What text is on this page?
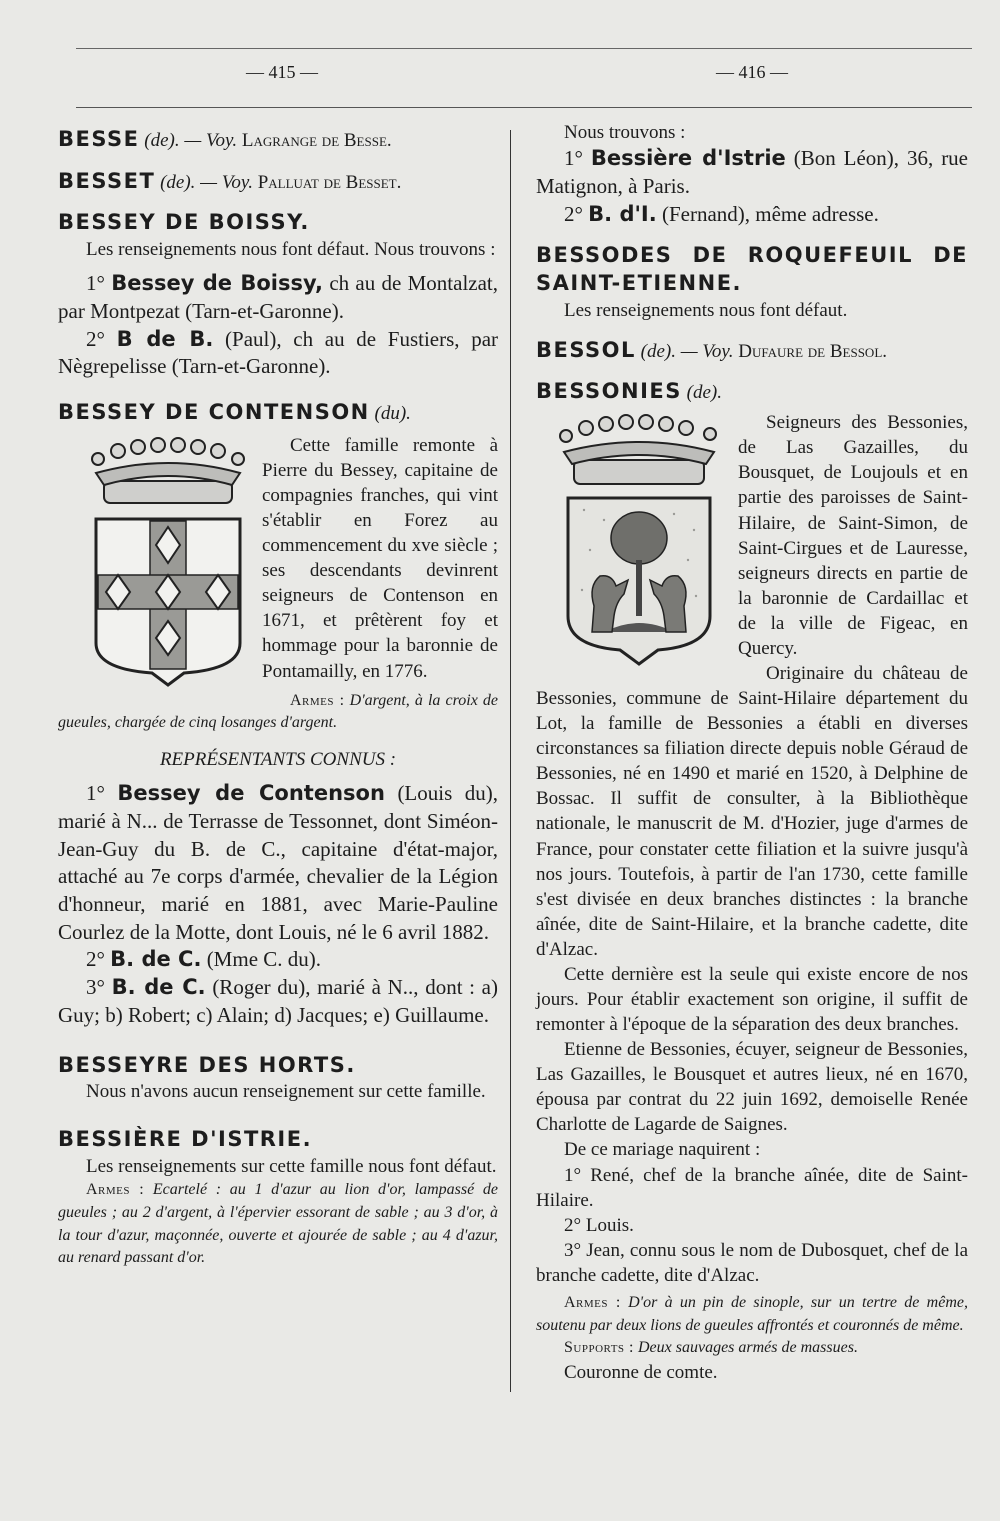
— 415 —	— 416 —

BESSE (de). — Voy. Lagrange de Besse.

BESSET (de). — Voy. Palluat de Besset.

BESSEY DE BOISSY.

Les renseignements nous font défaut. Nous trouvons :

1° Bessey de Boissy, ch au de Montalzat, par Montpezat (Tarn-et-Garonne).

2° B de B. (Paul), ch au de Fustiers, par Nègrepelisse (Tarn-et-Garonne).

BESSEY DE CONTENSON (du).

Cette famille remonte à Pierre du Bessey, capitaine de compagnies franches, qui vint s'établir en Forez au commencement du xve siècle ; ses descendants devinrent seigneurs de Contenson en 1671, et prêtèrent foy et hommage pour la baronnie de Pontamailly, en 1776.

Armes : D'argent, à la croix de gueules, chargée de cinq losanges d'argent.

REPRÉSENTANTS CONNUS :

1° Bessey de Contenson (Louis du), marié à N... de Terrasse de Tessonnet, dont Siméon-Jean-Guy du B. de C., capitaine d'état-major, attaché au 7e corps d'armée, chevalier de la Légion d'honneur, marié en 1881, avec Marie-Pauline Courlez de la Motte, dont Louis, né le 6 avril 1882.

2° B. de C. (Mme C. du).

3° B. de C. (Roger du), marié à N.., dont : a) Guy; b) Robert; c) Alain; d) Jacques; e) Guillaume.

BESSEYRE DES HORTS.

Nous n'avons aucun renseignement sur cette famille.

BESSIÈRE D'ISTRIE.

Les renseignements sur cette famille nous font défaut.

Armes : Ecartelé : au 1 d'azur au lion d'or, lampassé de gueules ; au 2 d'argent, à l'épervier essorant de sable ; au 3 d'or, à la tour d'azur, maçonnée, ouverte et ajourée de sable ; au 4 d'azur, au renard passant d'or.

Nous trouvons :

1° Bessière d'Istrie (Bon Léon), 36, rue Matignon, à Paris.

2° B. d'I. (Fernand), même adresse.

BESSODES DE ROQUEFEUIL DE SAINT-ETIENNE.

Les renseignements nous font défaut.

BESSOL (de). — Voy. Dufaure de Bessol.

BESSONIES (de).

Seigneurs des Bessonies, de Las Gazailles, du Bousquet, de Loujouls et en partie des paroisses de Saint-Hilaire, de Saint-Simon, de Saint-Cirgues et de Lauresse, seigneurs directs en partie de la baronnie de Cardaillac et de la ville de Figeac, en Quercy.

Originaire du château de Bessonies, commune de Saint-Hilaire département du Lot, la famille de Bessonies a établi en diverses circonstances sa filiation directe depuis noble Géraud de Bessonies, né en 1490 et marié en 1520, à Delphine de Bossac. Il suffit de consulter, à la Bibliothèque nationale, le manuscrit de M. d'Hozier, juge d'armes de France, pour constater cette filiation et la suivre jusqu'à nos jours. Toutefois, à partir de l'an 1730, cette famille s'est divisée en deux branches distinctes : la branche aînée, dite de Saint-Hilaire, et la branche cadette, dite d'Alzac.

Cette dernière est la seule qui existe encore de nos jours. Pour établir exactement son origine, il suffit de remonter à l'époque de la séparation des deux branches.

Etienne de Bessonies, écuyer, seigneur de Bessonies, Las Gazailles, le Bousquet et autres lieux, né en 1670, épousa par contrat du 22 juin 1692, demoiselle Renée Charlotte de Lagarde de Saignes.

De ce mariage naquirent :

1° René, chef de la branche aînée, dite de Saint-Hilaire.

2° Louis.

3° Jean, connu sous le nom de Dubosquet, chef de la branche cadette, dite d'Alzac.

Armes : D'or à un pin de sinople, sur un tertre de même, soutenu par deux lions de gueules affrontés et couronnés de même.

Supports : Deux sauvages armés de massues.

Couronne de comte.
